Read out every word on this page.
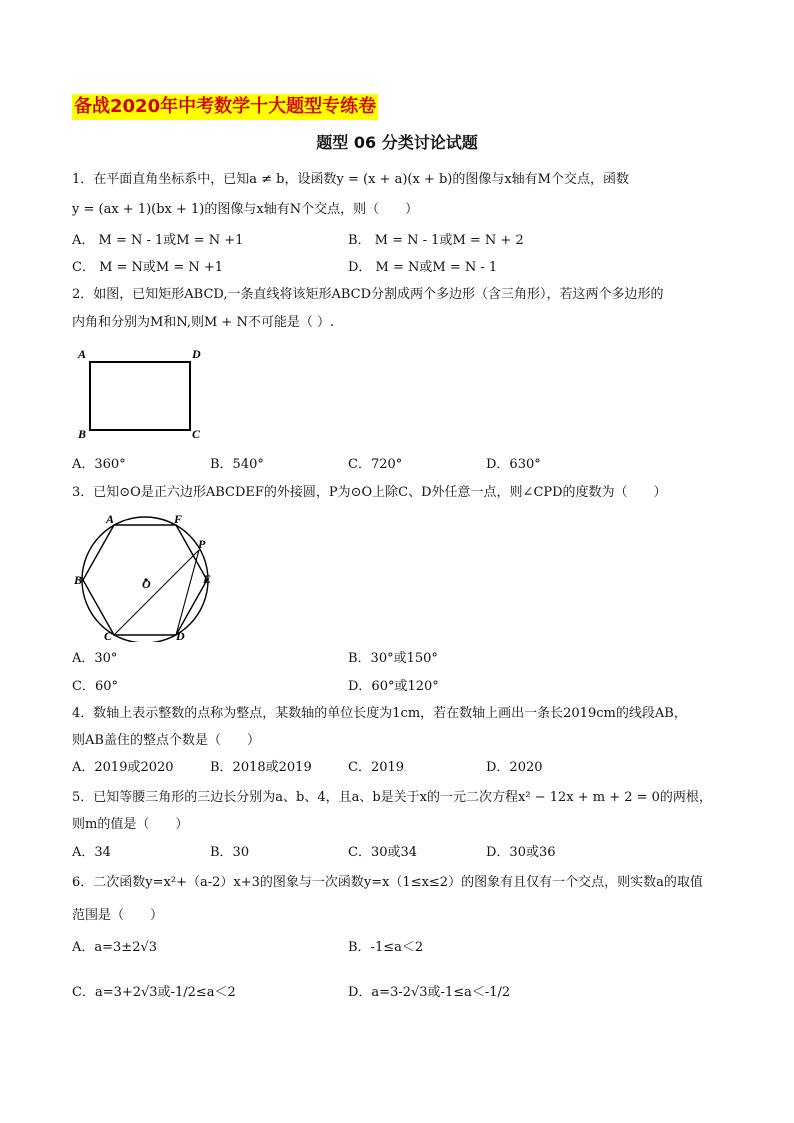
备战2020年中考数学十大题型专练卷
题型 06 分类讨论试题
1．在平面直角坐标系中，已知a ≠ b，设函数y = (x + a)(x + b)的图像与x轴有M个交点，函数
y = (ax + 1)(bx + 1)的图像与x轴有N个交点，则（　　）
A． M = N - 1或M = N +1	B． M = N - 1或M = N + 2
C． M = N或M = N +1	D． M = N或M = N - 1
2．如图，已知矩形ABCD,一条直线将该矩形ABCD分割成两个多边形（含三角形），若这两个多边形的
内角和分别为M和N,则M + N不可能是（ ）.
A	D
B	C
A．360°	B．540°	C．720°	D．630°
3．已知⊙O是正六边形ABCDEF的外接圆，P为⊙O上除C、D外任意一点，则∠CPD的度数为（　　）
A	F
P
B	O	E
C	D
A．30°	B．30°或150°
C．60°	D．60°或120°
4．数轴上表示整数的点称为整点，某数轴的单位长度为1cm，若在数轴上画出一条长2019cm的线段AB，
则AB盖住的整点个数是（　　）
A．2019或2020	B．2018或2019	C．2019	D．2020
5．已知等腰三角形的三边长分别为a、b、4，且a、b是关于x的一元二次方程x² − 12x + m + 2 = 0的两根，
则m的值是（　　）
A．34	B．30	C．30或34	D．30或36
6．二次函数y=x²+（a-2）x+3的图象与一次函数y=x（1≤x≤2）的图象有且仅有一个交点，则实数a的取值
范围是（　　）
A．a=3±2√3	B．-1≤a＜2
C．a=3+2√3或-1/2≤a＜2	D．a=3-2√3或-1≤a＜-1/2
